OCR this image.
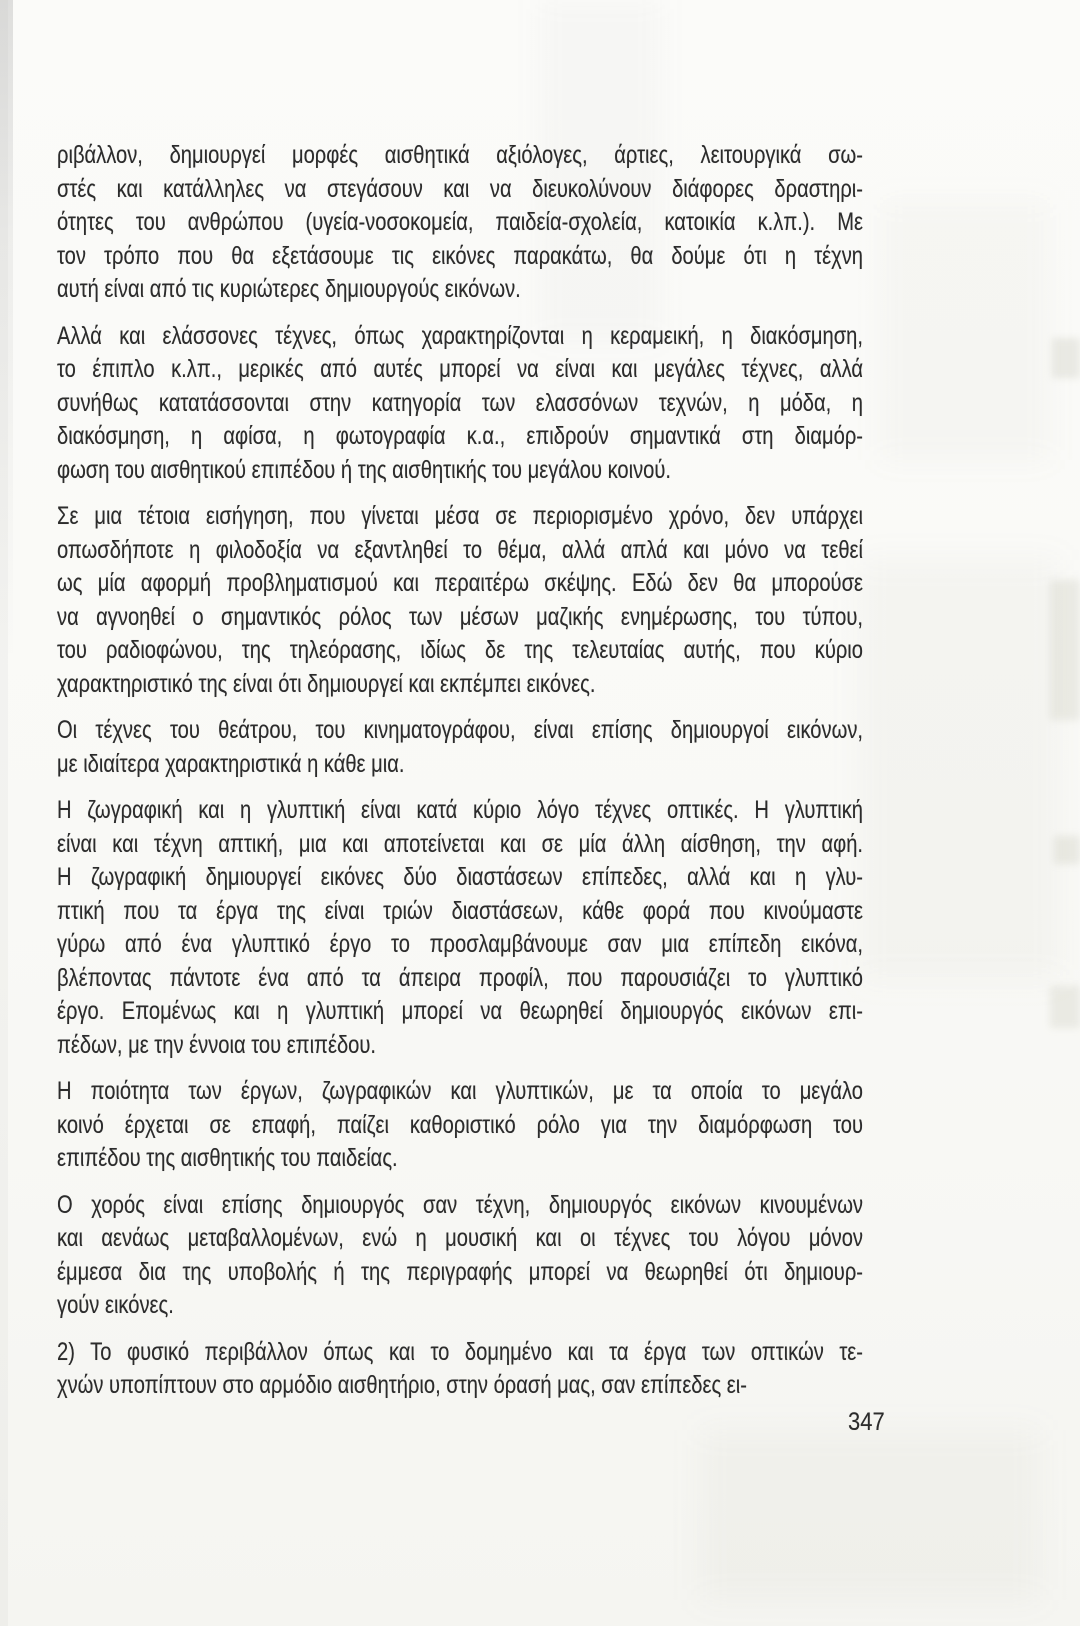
ριβάλλον, δημιουργεί μορφές αισθητικά αξιόλογες, άρτιες, λειτουργικά σω-
στές και κατάλληλες να στεγάσουν και να διευκολύνουν διάφορες δραστηρι-
ότητες του ανθρώπου (υγεία-νοσοκομεία, παιδεία-σχολεία, κατοικία κ.λπ.). Με
τον τρόπο που θα εξετάσουμε τις εικόνες παρακάτω, θα δούμε ότι η τέχνη
αυτή είναι από τις κυριώτερες δημιουργούς εικόνων.
Αλλά και ελάσσονες τέχνες, όπως χαρακτηρίζονται η κεραμεική, η διακόσμηση,
το έπιπλο κ.λπ., μερικές από αυτές μπορεί να είναι και μεγάλες τέχνες, αλλά
συνήθως κατατάσσονται στην κατηγορία των ελασσόνων τεχνών, η μόδα, η
διακόσμηση, η αφίσα, η φωτογραφία κ.α., επιδρούν σημαντικά στη διαμόρ-
φωση του αισθητικού επιπέδου ή της αισθητικής του μεγάλου κοινού.
Σε μια τέτοια εισήγηση, που γίνεται μέσα σε περιορισμένο χρόνο, δεν υπάρχει
οπωσδήποτε η φιλοδοξία να εξαντληθεί το θέμα, αλλά απλά και μόνο να τεθεί
ως μία αφορμή προβληματισμού και περαιτέρω σκέψης. Εδώ δεν θα μπορούσε
να αγνοηθεί ο σημαντικός ρόλος των μέσων μαζικής ενημέρωσης, του τύπου,
του ραδιοφώνου, της τηλεόρασης, ιδίως δε της τελευταίας αυτής, που κύριο
χαρακτηριστικό της είναι ότι δημιουργεί και εκπέμπει εικόνες.
Οι τέχνες του θεάτρου, του κινηματογράφου, είναι επίσης δημιουργοί εικόνων,
με ιδιαίτερα χαρακτηριστικά η κάθε μια.
Η ζωγραφική και η γλυπτική είναι κατά κύριο λόγο τέχνες οπτικές. Η γλυπτική
είναι και τέχνη απτική, μια και αποτείνεται και σε μία άλλη αίσθηση, την αφή.
Η ζωγραφική δημιουργεί εικόνες δύο διαστάσεων επίπεδες, αλλά και η γλυ-
πτική που τα έργα της είναι τριών διαστάσεων, κάθε φορά που κινούμαστε
γύρω από ένα γλυπτικό έργο το προσλαμβάνουμε σαν μια επίπεδη εικόνα,
βλέποντας πάντοτε ένα από τα άπειρα προφίλ, που παρουσιάζει το γλυπτικό
έργο. Επομένως και η γλυπτική μπορεί να θεωρηθεί δημιουργός εικόνων επι-
πέδων, με την έννοια του επιπέδου.
Η ποιότητα των έργων, ζωγραφικών και γλυπτικών, με τα οποία το μεγάλο
κοινό έρχεται σε επαφή, παίζει καθοριστικό ρόλο για την διαμόρφωση του
επιπέδου της αισθητικής του παιδείας.
Ο χορός είναι επίσης δημιουργός σαν τέχνη, δημιουργός εικόνων κινουμένων
και αενάως μεταβαλλομένων, ενώ η μουσική και οι τέχνες του λόγου μόνον
έμμεσα δια της υποβολής ή της περιγραφής μπορεί να θεωρηθεί ότι δημιουρ-
γούν εικόνες.
2) Το φυσικό περιβάλλον όπως και το δομημένο και τα έργα των οπτικών τε-
χνών υποπίπτουν στο αρμόδιο αισθητήριο, στην όρασή μας, σαν επίπεδες ει-
347
